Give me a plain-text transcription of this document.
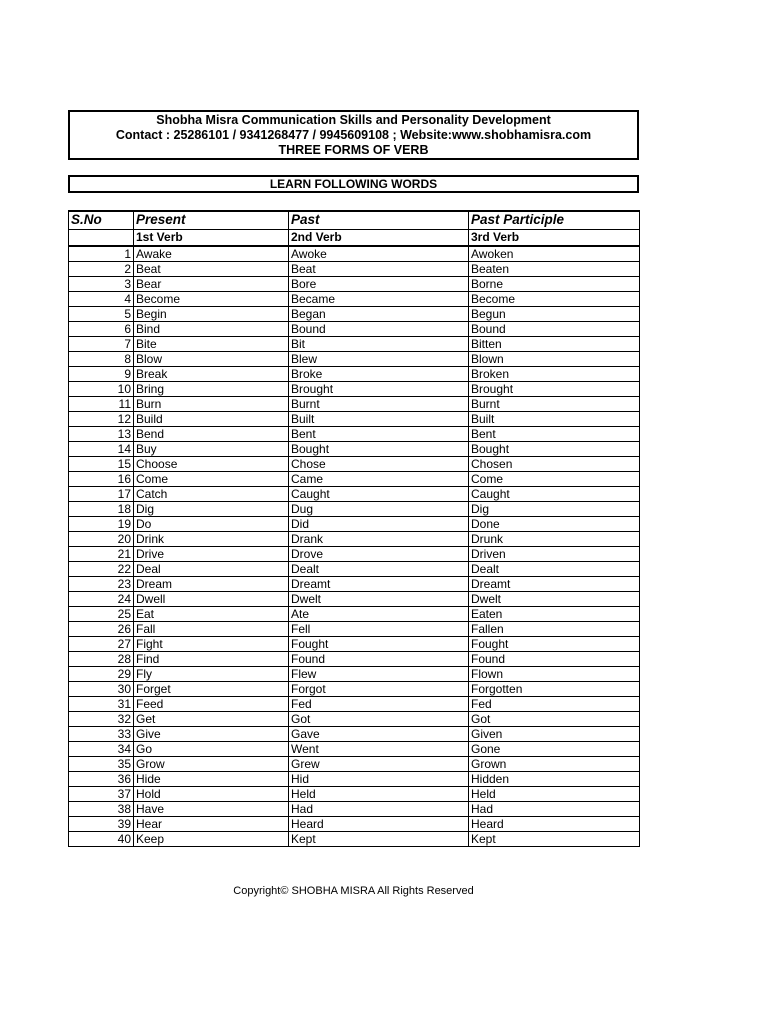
Shobha Misra Communication Skills and Personality Development
Contact : 25286101 / 9341268477 / 9945609108 ; Website:www.shobhamisra.com
THREE FORMS OF VERB
LEARN FOLLOWING WORDS
S.No	Present	Past	Past Participle
	1st Verb	2nd Verb	3rd Verb
1	Awake	Awoke	Awoken
2	Beat	Beat	Beaten
3	Bear	Bore	Borne
4	Become	Became	Become
5	Begin	Began	Begun
6	Bind	Bound	Bound
7	Bite	Bit	Bitten
8	Blow	Blew	Blown
9	Break	Broke	Broken
10	Bring	Brought	Brought
11	Burn	Burnt	Burnt
12	Build	Built	Built
13	Bend	Bent	Bent
14	Buy	Bought	Bought
15	Choose	Chose	Chosen
16	Come	Came	Come
17	Catch	Caught	Caught
18	Dig	Dug	Dig
19	Do	Did	Done
20	Drink	Drank	Drunk
21	Drive	Drove	Driven
22	Deal	Dealt	Dealt
23	Dream	Dreamt	Dreamt
24	Dwell	Dwelt	Dwelt
25	Eat	Ate	Eaten
26	Fall	Fell	Fallen
27	Fight	Fought	Fought
28	Find	Found	Found
29	Fly	Flew	Flown
30	Forget	Forgot	Forgotten
31	Feed	Fed	Fed
32	Get	Got	Got
33	Give	Gave	Given
34	Go	Went	Gone
35	Grow	Grew	Grown
36	Hide	Hid	Hidden
37	Hold	Held	Held
38	Have	Had	Had
39	Hear	Heard	Heard
40	Keep	Kept	Kept
Copyright© SHOBHA MISRA All Rights Reserved
